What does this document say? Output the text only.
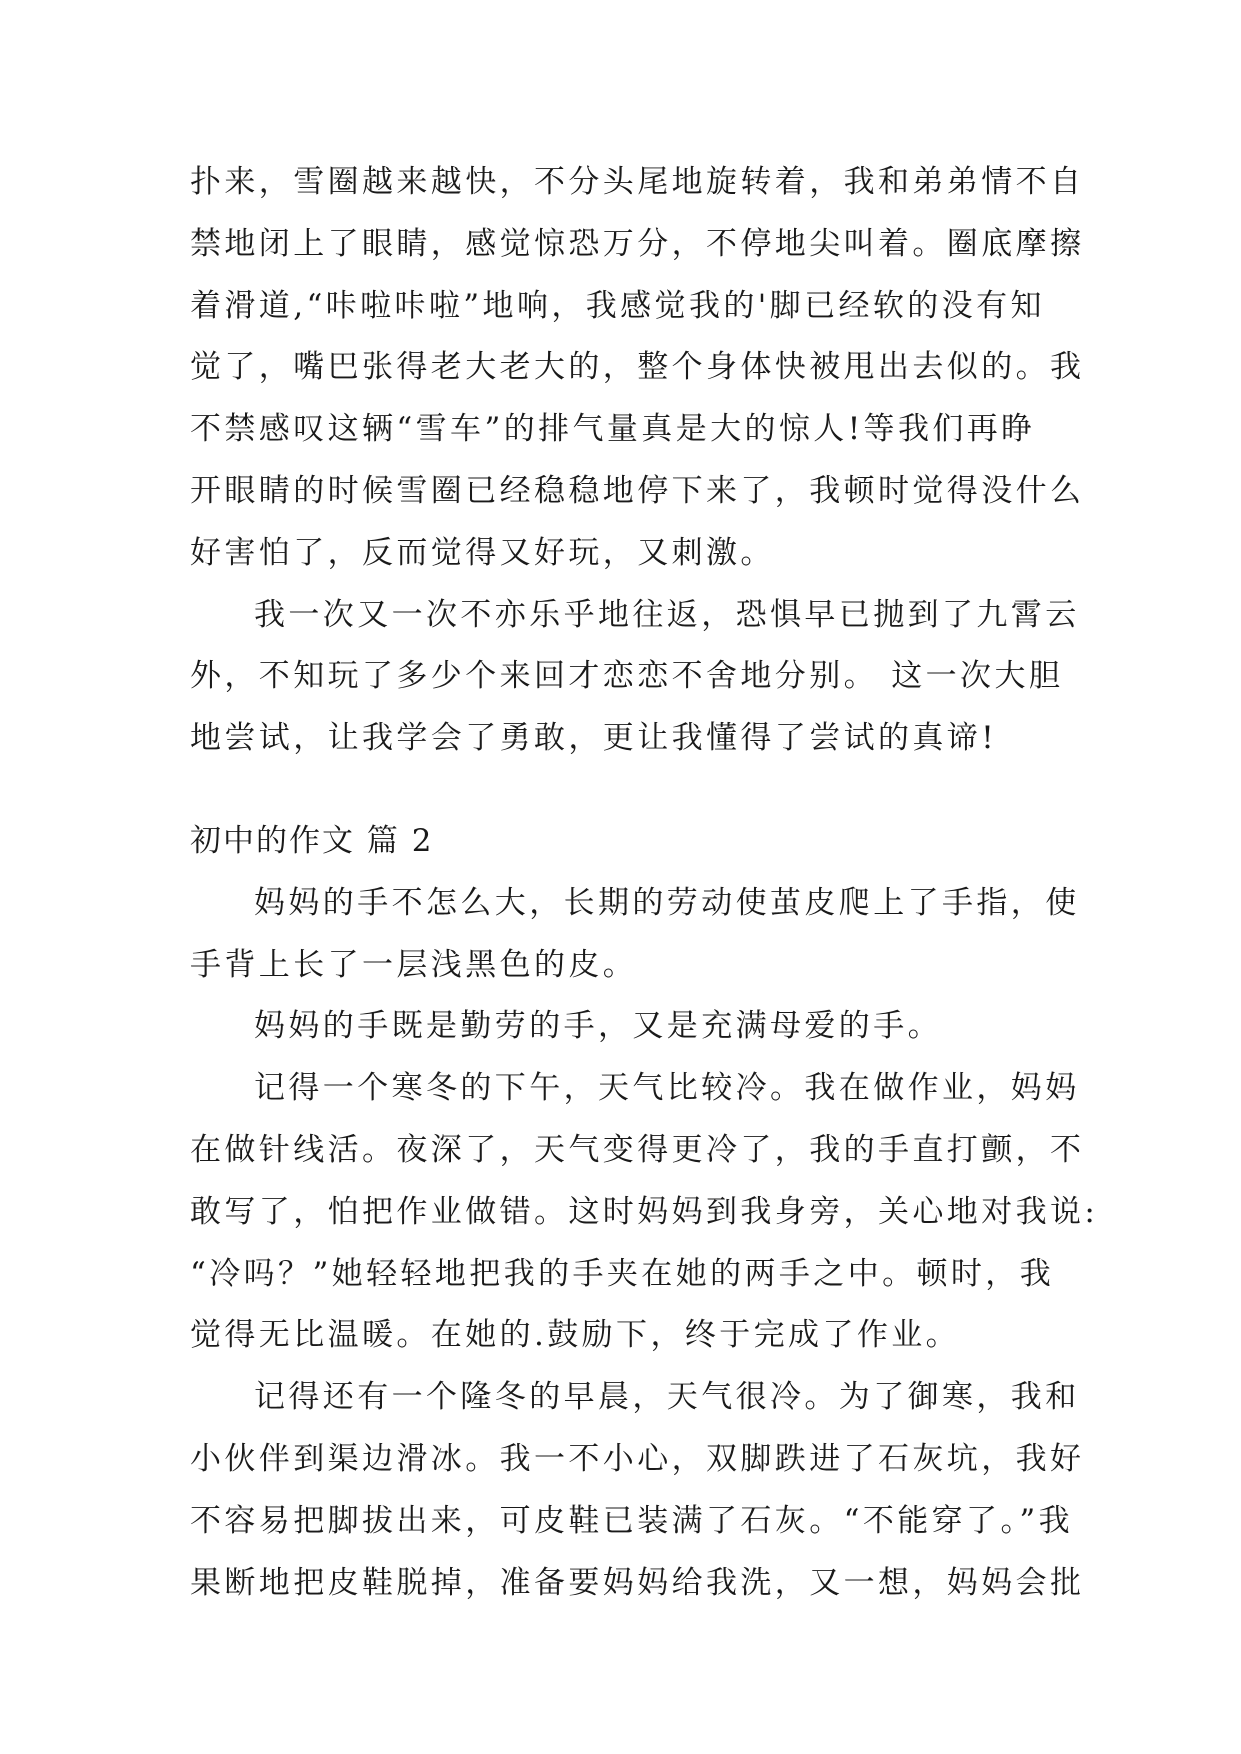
扑来，雪圈越来越快，不分头尾地旋转着，我和弟弟情不自
禁地闭上了眼睛，感觉惊恐万分，不停地尖叫着。圈底摩擦
着滑道,“咔啦咔啦”地响，我感觉我的'脚已经软的没有知
觉了，嘴巴张得老大老大的，整个身体快被甩出去似的。我
不禁感叹这辆“雪车”的排气量真是大的惊人!等我们再睁
开眼睛的时候雪圈已经稳稳地停下来了，我顿时觉得没什么
好害怕了，反而觉得又好玩，又刺激。
我一次又一次不亦乐乎地往返，恐惧早已抛到了九霄云
外，不知玩了多少个来回才恋恋不舍地分别。 这一次大胆
地尝试，让我学会了勇敢，更让我懂得了尝试的真谛!
初中的作文 篇 2
妈妈的手不怎么大，长期的劳动使茧皮爬上了手指，使
手背上长了一层浅黑色的皮。
妈妈的手既是勤劳的手，又是充满母爱的手。
记得一个寒冬的下午，天气比较冷。我在做作业，妈妈
在做针线活。夜深了，天气变得更冷了，我的手直打颤，不
敢写了，怕把作业做错。这时妈妈到我身旁，关心地对我说:
“冷吗？”她轻轻地把我的手夹在她的两手之中。顿时，我
觉得无比温暖。在她的.鼓励下，终于完成了作业。
记得还有一个隆冬的早晨，天气很冷。为了御寒，我和
小伙伴到渠边滑冰。我一不小心，双脚跌进了石灰坑，我好
不容易把脚拔出来，可皮鞋已装满了石灰。“不能穿了。”我
果断地把皮鞋脱掉，准备要妈妈给我洗，又一想，妈妈会批
